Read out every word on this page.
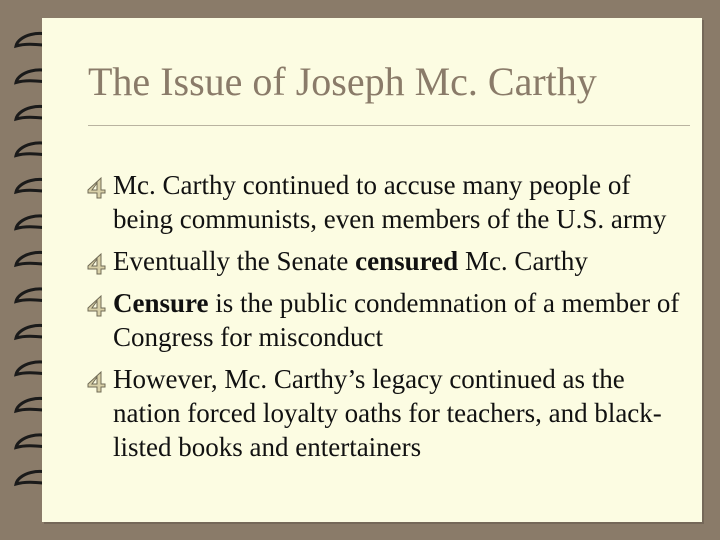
The Issue of Joseph Mc. Carthy
Mc. Carthy continued to accuse many people of being communists, even members of the U.S. army
Eventually the Senate censured Mc. Carthy
Censure is the public condemnation of a member of Congress for misconduct
However, Mc. Carthy’s legacy continued as the nation forced loyalty oaths for teachers, and black-listed books and entertainers
